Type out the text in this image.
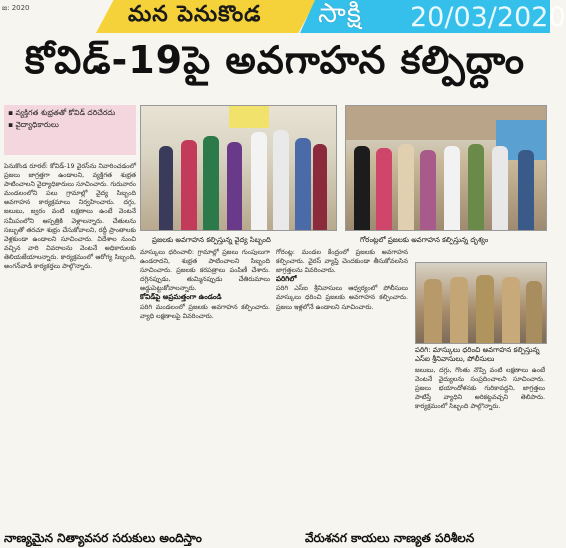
జ: 2020	మన పెనుకొండ సాక్షి 20/03/2020
కోవిడ్-19పై అవగాహన కల్పిద్దాం
▪ వ్యక్తిగత శుభ్రతతో కోవిడ్ దరిచేరదు
▪ వైద్యాధికారులు
ప్రజలకు అవగాహన కల్పిస్తున్న వైద్య సిబ్బంది	గోరంట్లలో ప్రజలకు అవగాహన కల్పిస్తున్న దృశ్యం
పెనుకొండ రూరల్: కోవిడ్-19 వైరస్‌ను నివారించడంలో ప్రజలు జాగ్రత్తగా ఉండాలని, వ్యక్తిగత శుభ్రత పాటించాలని వైద్యాధికారులు సూచించారు. గురువారం మండలంలోని పలు గ్రామాల్లో వైద్య సిబ్బంది అవగాహన కార్యక్రమాలు నిర్వహించారు. దగ్గు, జలుబు, జ్వరం వంటి లక్షణాలు ఉంటే వెంటనే సమీపంలోని ఆస్పత్రికి వెళ్లాలన్నారు. చేతులను సబ్బుతో తరచూ శుభ్రం చేసుకోవాలని, రద్దీ ప్రాంతాలకు వెళ్లకుండా ఉండాలని సూచించారు. విదేశాల నుంచి వచ్చిన వారి వివరాలను వెంటనే అధికారులకు తెలియజేయాలన్నారు. కార్యక్రమంలో ఆరోగ్య సిబ్బంది, అంగన్‌వాడీ కార్యకర్తలు పాల్గొన్నారు.
మాస్కులు ధరించాలి: గ్రామాల్లో ప్రజలు గుంపులుగా ఉండరాదని, శుభ్రత పాటించాలని సిబ్బంది సూచించారు. ప్రజలకు కరపత్రాలు పంపిణీ చేశారు. దగ్గినప్పుడు, తుమ్మినప్పుడు చేతిరుమాలు అడ్డుపెట్టుకోవాలన్నారు.
కోవిడ్‌పై అప్రమత్తంగా ఉండండి
పరిగి మండలంలో ప్రజలకు అవగాహన కల్పించారు. వ్యాధి లక్షణాలపై వివరించారు.
గోరంట్ల: మండల కేంద్రంలో ప్రజలకు అవగాహన కల్పించారు. వైరస్ వ్యాప్తి చెందకుండా తీసుకోవలసిన జాగ్రత్తలను వివరించారు.
పరిగిలో
పరిగి ఎస్‌ఐ శ్రీనివాసులు ఆధ్వర్యంలో పోలీసులు మాస్కులు ధరించి ప్రజలకు అవగాహన కల్పించారు. ప్రజలు ఇళ్లలోనే ఉండాలని సూచించారు.
పరిగి: మాస్కులు ధరించి అవగాహన కల్పిస్తున్న ఎస్‌ఐ శ్రీనివాసులు, పోలీసులు
జలుబు, దగ్గు, గొంతు నొప్పి వంటి లక్షణాలు ఉంటే వెంటనే వైద్యులను సంప్రదించాలని సూచించారు. ప్రజలు భయాందోళనకు గురికావద్దని, జాగ్రత్తలు పాటిస్తే వ్యాధిని అరికట్టవచ్చని తెలిపారు. కార్యక్రమంలో సిబ్బంది పాల్గొన్నారు.
నాణ్యమైన నిత్యావసర సరుకులు అందిస్తాం	వేరుశనగ కాయలు నాణ్యత పరిశీలన
